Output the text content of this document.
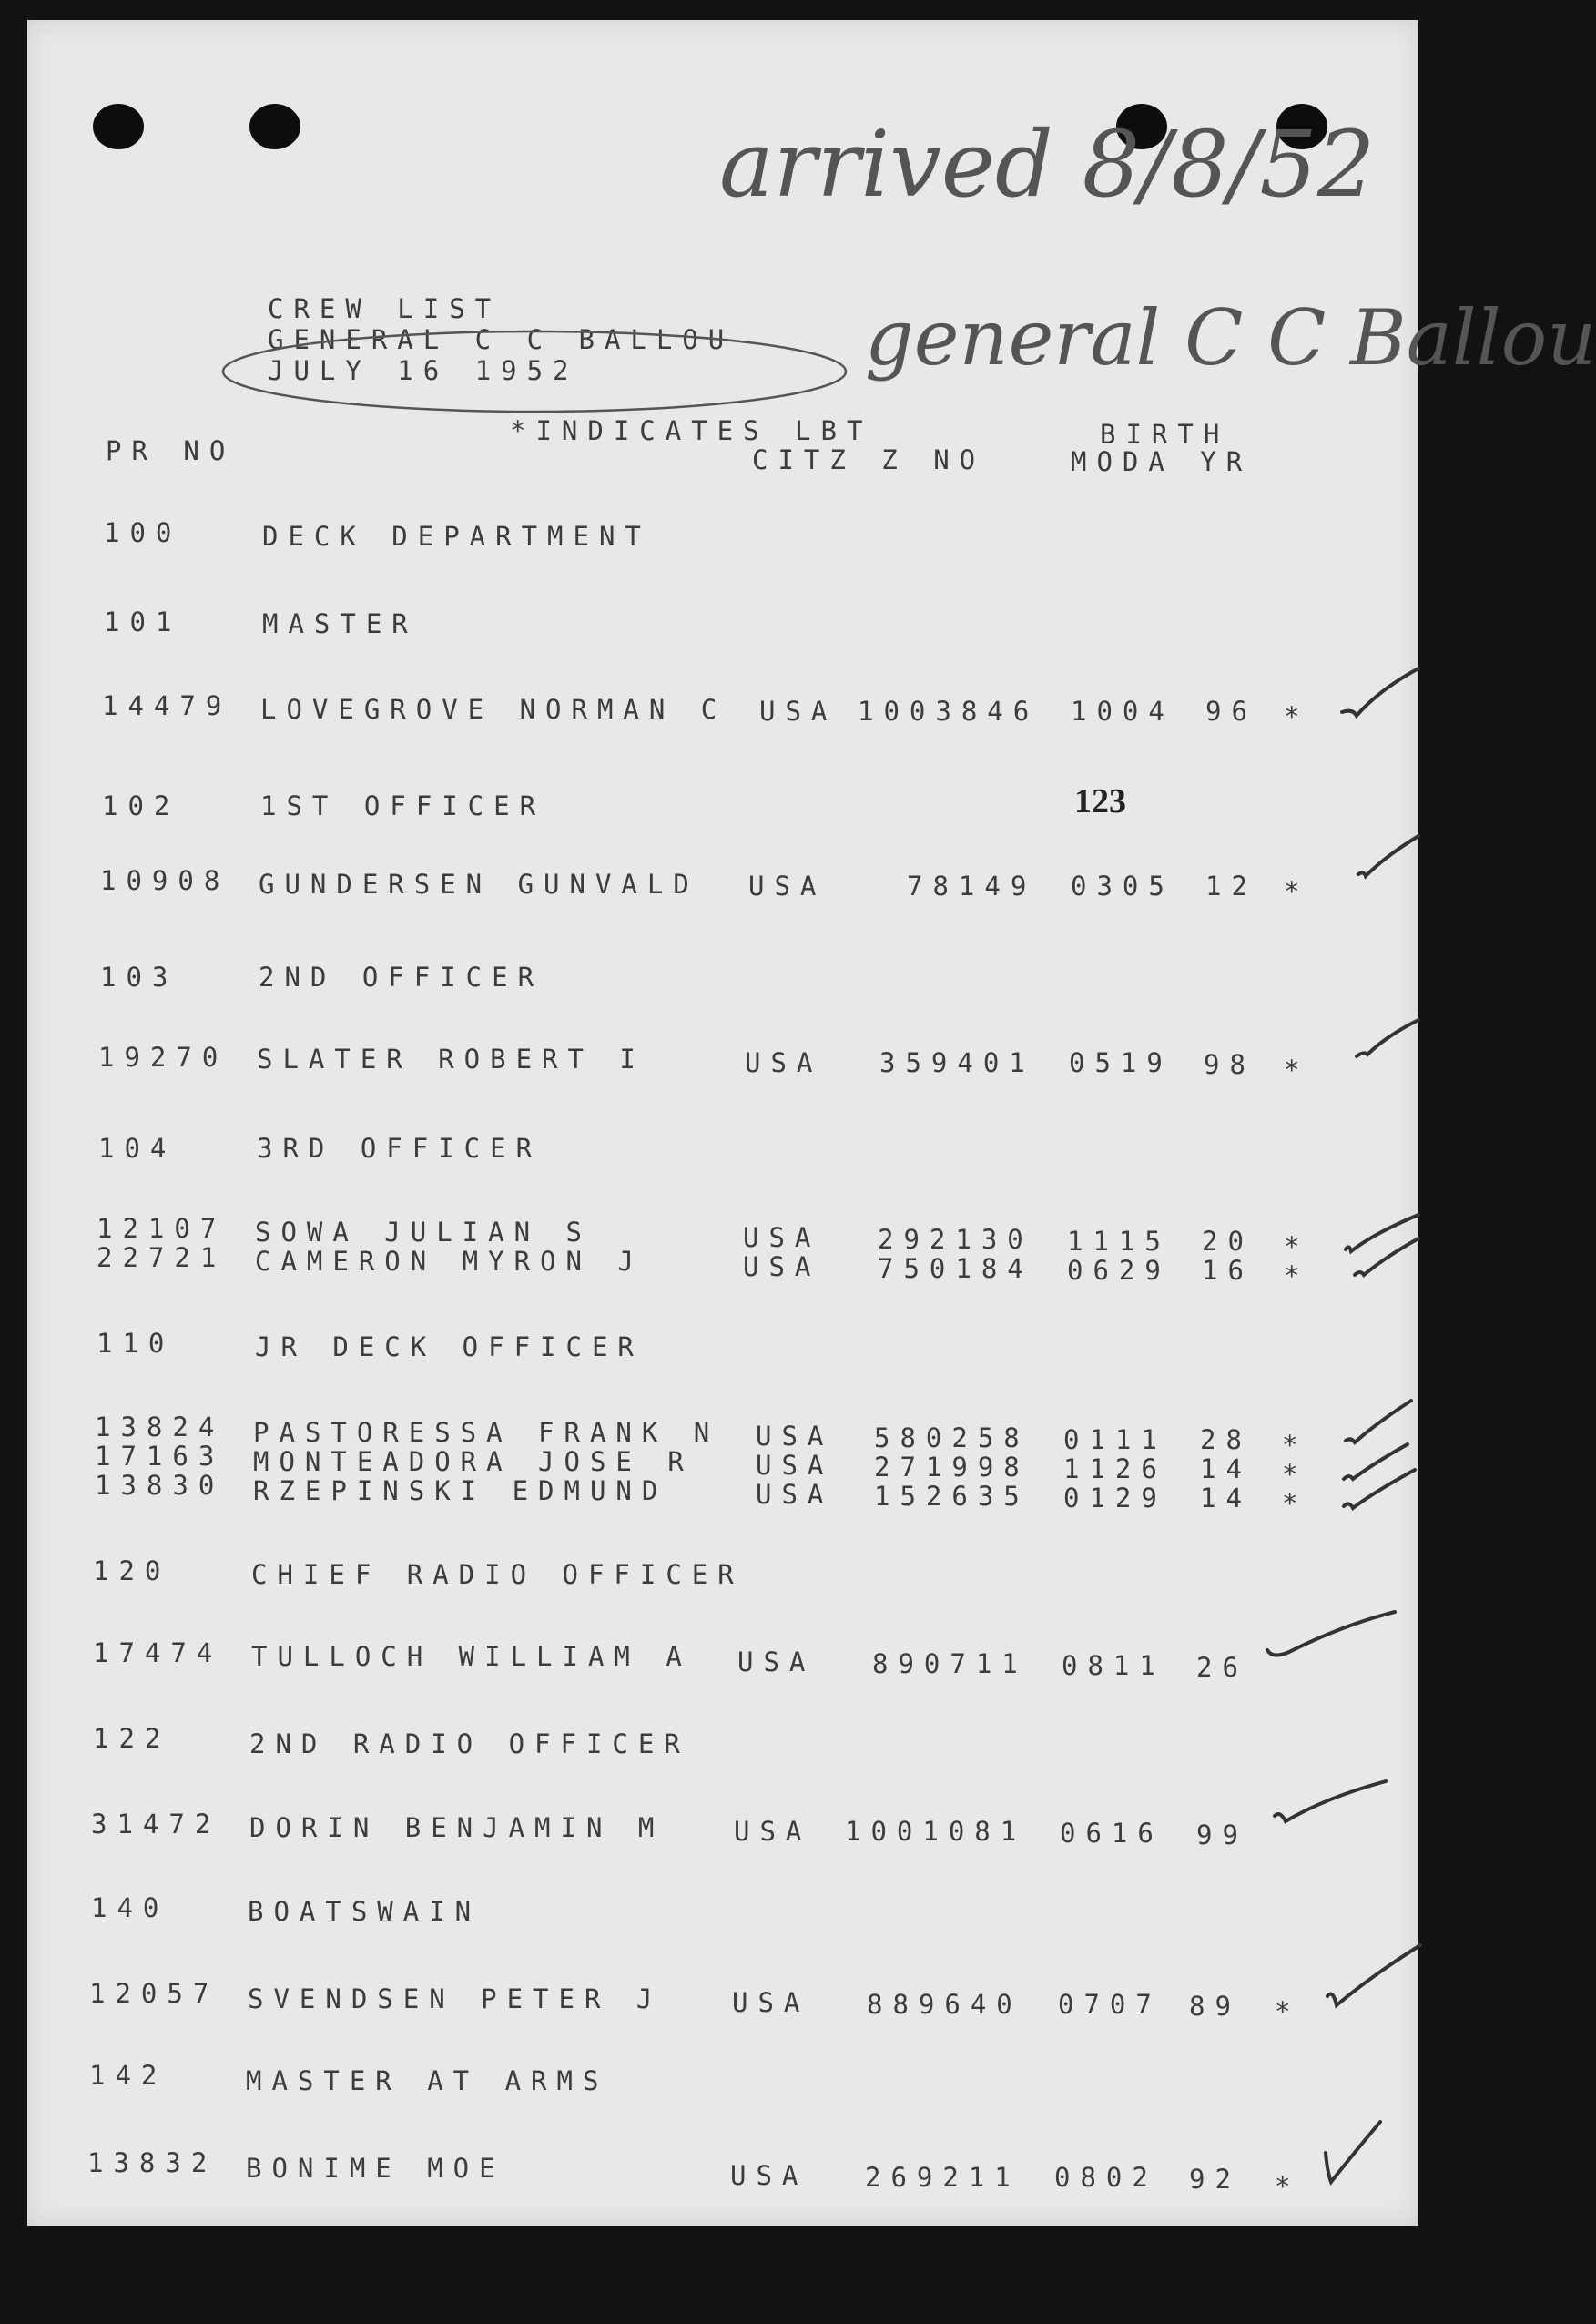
arrived 8/8/52
general C C Ballou
CREW LIST
GENERAL C C BALLOU
JULY 16 1952
PR NO
*INDICATES LBT
CITZ Z NO
BIRTH
MODA YR
123
100	DECK DEPARTMENT
101	MASTER
14479 LOVEGROVE NORMAN C USA 1003846 1004 96 *
102	1ST OFFICER
10908 GUNDERSEN GUNVALD USA	78149 0305 12 *
103	2ND OFFICER
19270 SLATER ROBERT I	USA 359401 0519 98 *
104	3RD OFFICER
12107 SOWA JULIAN S	USA 292130 1115 20 *
22721 CAMERON MYRON J	USA 750184 0629 16 *
110	JR DECK OFFICER
13824 PASTORESSA FRANK N USA 580258 0111 28 *
17163 MONTEADORA JOSE R USA 271998 1126 14 *
13830 RZEPINSKI EDMUND	USA 152635 0129 14 *
120	CHIEF RADIO OFFICER
17474 TULLOCH WILLIAM A USA 890711 0811 26
122	2ND RADIO OFFICER
31472 DORIN BENJAMIN M	USA 1001081 0616 99
140	BOATSWAIN
12057 SVENDSEN PETER J	USA 889640 0707 89 *
142	MASTER AT ARMS
13832 BONIME MOE	USA 269211 0802 92 *
